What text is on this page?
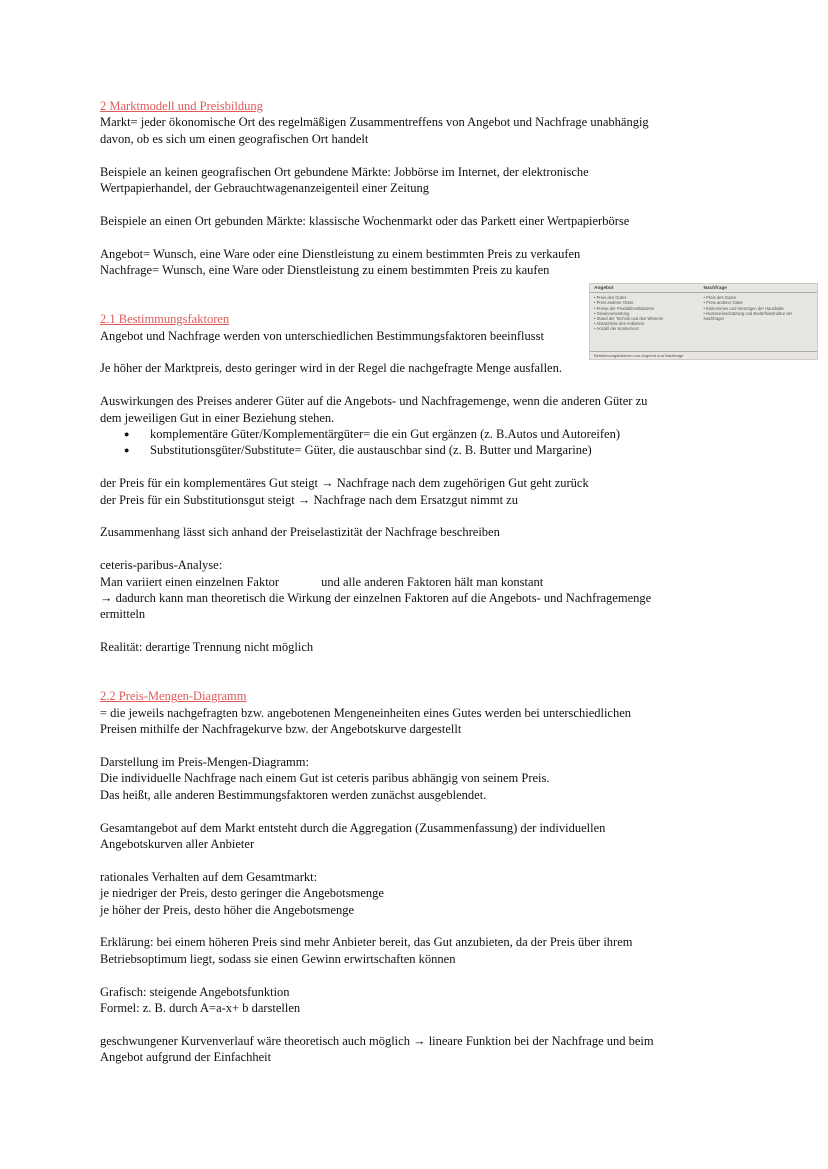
2 Marktmodell und Preisbildung

Markt= jeder ökonomische Ort des regelmäßigen Zusammentreffens von Angebot und Nachfrage unabhängig

davon, ob es sich um einen geografischen Ort handelt

Beispiele an keinen geografischen Ort gebundene Märkte: Jobbörse im Internet, der elektronische

Wertpapierhandel, der Gebrauchtwagenanzeigenteil einer Zeitung

Beispiele an einen Ort gebunden Märkte: klassische Wochenmarkt oder das Parkett einer Wertpapierbörse

Angebot= Wunsch, eine Ware oder eine Dienstleistung zu einem bestimmten Preis zu verkaufen

Nachfrage= Wunsch, eine Ware oder Dienstleistung zu einem bestimmten Preis zu kaufen

2.1 Bestimmungsfaktoren

Angebot und Nachfrage werden von unterschiedlichen Bestimmungsfaktoren beeinflusst

Je höher der Marktpreis, desto geringer wird in der Regel die nachgefragte Menge ausfallen.

Auswirkungen des Preises anderer Güter auf die Angebots- und Nachfragemenge, wenn die anderen Güter zu

dem jeweiligen Gut in einer Beziehung stehen.

● komplementäre Güter/Komplementärgüter= die ein Gut ergänzen (z. B.Autos und Autoreifen)
● Substitutionsgüter/Substitute= Güter, die austauschbar sind (z. B. Butter und Margarine)

der Preis für ein komplementäres Gut steigt → Nachfrage nach dem zugehörigen Gut geht zurück

der Preis für ein Substitutionsgut steigt → Nachfrage nach dem Ersatzgut nimmt zu

Zusammenhang lässt sich anhand der Preiselastizität der Nachfrage beschreiben

ceteris-paribus-Analyse:

Man variiert einen einzelnen Faktor	und alle anderen Faktoren hält man konstant

→ dadurch kann man theoretisch die Wirkung der einzelnen Faktoren auf die Angebots- und Nachfragemenge

ermitteln

Realität: derartige Trennung nicht möglich

2.2 Preis-Mengen-Diagramm

= die jeweils nachgefragten bzw. angebotenen Mengeneinheiten eines Gutes werden bei unterschiedlichen

Preisen mithilfe der Nachfragekurve bzw. der Angebotskurve dargestellt

Darstellung im Preis-Mengen-Diagramm:

Die individuelle Nachfrage nach einem Gut ist ceteris paribus abhängig von seinem Preis.

Das heißt, alle anderen Bestimmungsfaktoren werden zunächst ausgeblendet.

Gesamtangebot auf dem Markt entsteht durch die Aggregation (Zusammenfassung) der individuellen

Angebotskurven aller Anbieter

rationales Verhalten auf dem Gesamtmarkt:

je niedriger der Preis, desto geringer die Angebotsmenge

je höher der Preis, desto höher die Angebotsmenge

Erklärung: bei einem höheren Preis sind mehr Anbieter bereit, das Gut anzubieten, da der Preis über ihrem

Betriebsoptimum liegt, sodass sie einen Gewinn erwirtschaften können

Grafisch: steigende Angebotsfunktion

Formel: z. B. durch A=a-x+ b darstellen

geschwungener Kurvenverlauf wäre theoretisch auch möglich → lineare Funktion bei der Nachfrage und beim

Angebot aufgrund der Einfachheit

Angebot	Nachfrage
• Preis des Gutes
• Preis anderer Güter
• Preise der Produktionsfaktoren
• Gewinnerwartung
• Stand der Technik und des Wissens
• Absatzziele des Anbieters
• Anzahl der Konkurrenz
• Preis des Gutes
• Preis anderer Güter
• Einkommen und Vermögen der Haushalte
• Nutzeneinschätzung und Bedürfnisstruktur der Nachfrager
Bestimmungsfaktoren von Angebot und Nachfrage
